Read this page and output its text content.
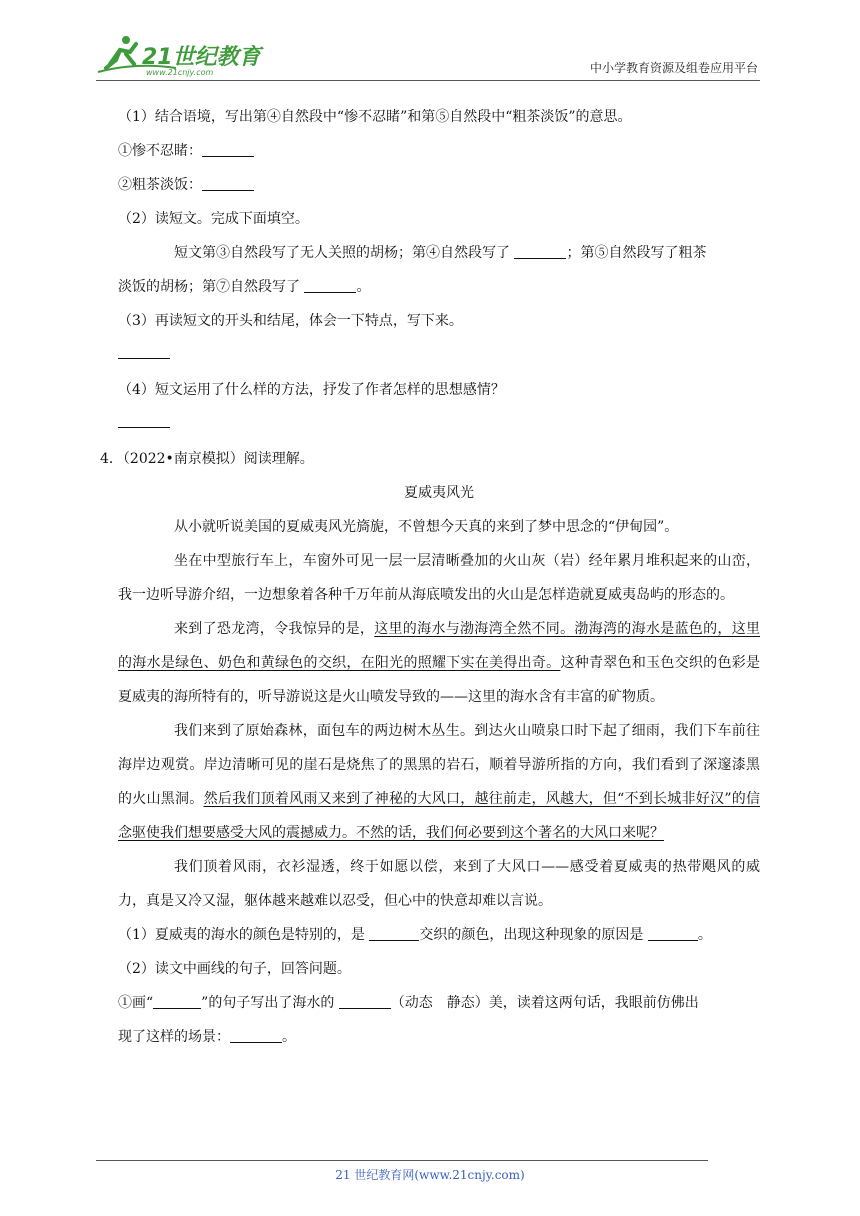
21世纪教育
www.21cnjy.com	中小学教育资源及组卷应用平台

（1）结合语境，写出第④自然段中“惨不忍睹”和第⑤自然段中“粗茶淡饭”的意思。

①惨不忍睹：

②粗茶淡饭：

（2）读短文。完成下面填空。

短文第③自然段写了无人关照的胡杨；第④自然段写了	；第⑤自然段写了粗茶

淡饭的胡杨；第⑦自然段写了	。

（3）再读短文的开头和结尾，体会一下特点，写下来。

（4）短文运用了什么样的方法，抒发了作者怎样的思想感情？

4．（2022•南京模拟）阅读理解。

夏威夷风光

从小就听说美国的夏威夷风光旖旎，不曾想今天真的来到了梦中思念的“伊甸园”。

坐在中型旅行车上，车窗外可见一层一层清晰叠加的火山灰（岩）经年累月堆积起来的山峦，我一边听导游介绍，一边想象着各种千万年前从海底喷发出的火山是怎样造就夏威夷岛屿的形态的。

来到了恐龙湾，令我惊异的是，这里的海水与渤海湾全然不同。渤海湾的海水是蓝色的，这里的海水是绿色、奶色和黄绿色的交织，在阳光的照耀下实在美得出奇。这种青翠色和玉色交织的色彩是夏威夷的海所特有的，听导游说这是火山喷发导致的——这里的海水含有丰富的矿物质。

我们来到了原始森林，面包车的两边树木丛生。到达火山喷泉口时下起了细雨，我们下车前往海岸边观赏。岸边清晰可见的崖石是烧焦了的黑黑的岩石，顺着导游所指的方向，我们看到了深邃漆黑的火山黑洞。然后我们顶着风雨又来到了神秘的大风口，越往前走，风越大，但“不到长城非好汉”的信念驱使我们想要感受大风的震撼威力。不然的话，我们何必要到这个著名的大风口来呢？

我们顶着风雨，衣衫湿透，终于如愿以偿，来到了大风口——感受着夏威夷的热带飓风的威力，真是又冷又湿，躯体越来越难以忍受，但心中的快意却难以言说。

（1）夏威夷的海水的颜色是特别的，是	交织的颜色，出现这种现象的原因是	。

（2）读文中画线的句子，回答问题。

①画“	”的句子写出了海水的	（动态　静态）美，读着这两句话，我眼前仿佛出

现了这样的场景：	。

21 世纪教育网(www.21cnjy.com)
